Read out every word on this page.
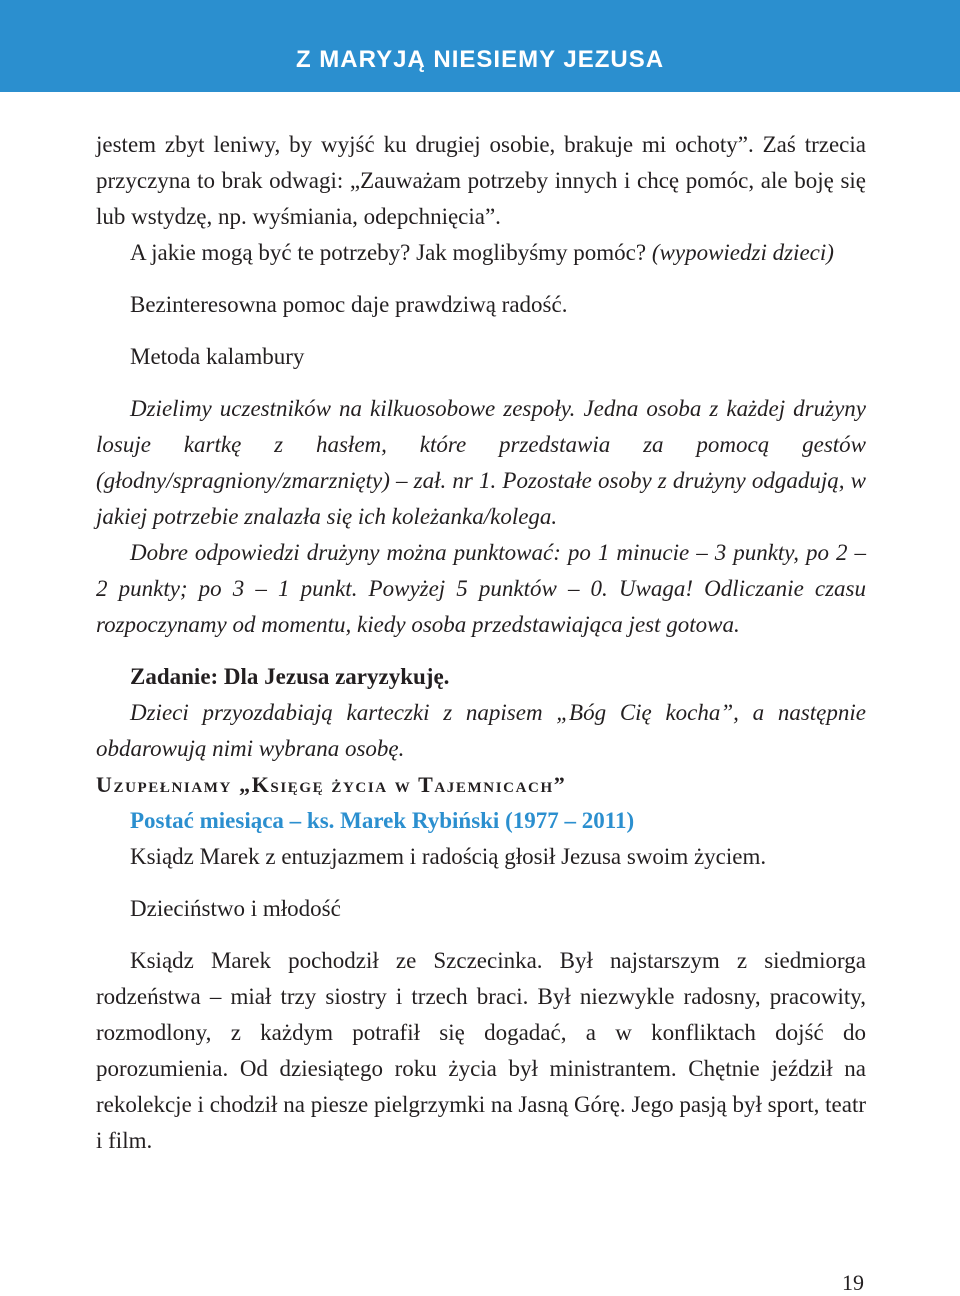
Z MARYJĄ NIESIEMY JEZUSA

jestem zbyt leniwy, by wyjść ku drugiej osobie, brakuje mi ochoty”. Zaś trzecia przyczyna to brak odwagi: „Zauważam potrzeby innych i chcę pomóc, ale boję się lub wstydzę, np. wyśmiania, odepchnięcia”.

A jakie mogą być te potrzeby? Jak moglibyśmy pomóc? (wypowiedzi dzieci)

Bezinteresowna pomoc daje prawdziwą radość.

Metoda kalambury

Dzielimy uczestników na kilkuosobowe zespoły. Jedna osoba z każdej drużyny losuje kartkę z hasłem, które przedstawia za pomocą gestów (głodny/spragniony/zmarznięty) – zał. nr 1. Pozostałe osoby z drużyny odgadują, w jakiej potrzebie znalazła się ich koleżanka/kolega.

Dobre odpowiedzi drużyny można punktować: po 1 minucie – 3 punkty, po 2 – 2 punkty; po 3 – 1 punkt. Powyżej 5 punktów – 0. Uwaga! Odliczanie czasu rozpoczynamy od momentu, kiedy osoba przedstawiająca jest gotowa.

Zadanie: Dla Jezusa zaryzykuję.

Dzieci przyozdabiają karteczki z napisem „Bóg Cię kocha”, a następnie obdarowują nimi wybrana osobę.

Uzupełniamy „Księgę życia w Tajemnicach”

Postać miesiąca – ks. Marek Rybiński (1977 – 2011)

Ksiądz Marek z entuzjazmem i radością głosił Jezusa swoim życiem.

Dzieciństwo i młodość

Ksiądz Marek pochodził ze Szczecinka. Był najstarszym z siedmiorga rodzeństwa – miał trzy siostry i trzech braci. Był niezwykle radosny, pracowity, rozmodlony, z każdym potrafił się dogadać, a w konfliktach dojść do porozumienia. Od dziesiątego roku życia był ministrantem. Chętnie jeździł na rekolekcje i chodził na piesze pielgrzymki na Jasną Górę. Jego pasją był sport, teatr i film.

19
